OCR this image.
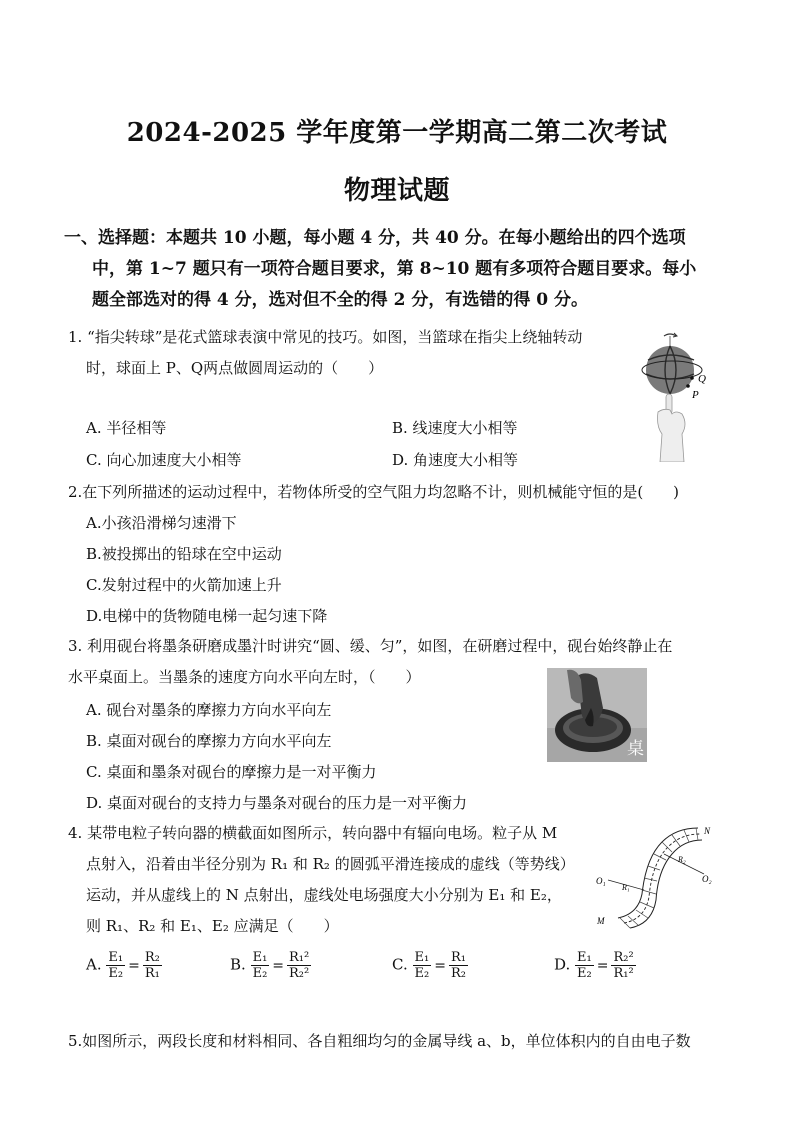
2024-2025 学年度第一学期高二第二次考试
物理试题
一、选择题：本题共 10 小题，每小题 4 分，共 40 分。在每小题给出的四个选项
中，第 1~7 题只有一项符合题目要求，第 8~10 题有多项符合题目要求。每小
题全部选对的得 4 分，选对但不全的得 2 分，有选错的得 0 分。
1. “指尖转球”是花式篮球表演中常见的技巧。如图，当篮球在指尖上绕轴转动
时，球面上 P、Q两点做圆周运动的（　　）
A. 半径相等	B. 线速度大小相等
C. 向心加速度大小相等	D. 角速度大小相等
Q
P
2.在下列所描述的运动过程中，若物体所受的空气阻力均忽略不计，则机械能守恒的是(　　)
A.小孩沿滑梯匀速滑下
B.被投掷出的铅球在空中运动
C.发射过程中的火箭加速上升
D.电梯中的货物随电梯一起匀速下降
3. 利用砚台将墨条研磨成墨汁时讲究“圆、缓、匀”，如图，在研磨过程中，砚台始终静止在
水平桌面上。当墨条的速度方向水平向左时，（　　）
A. 砚台对墨条的摩擦力方向水平向左
B. 桌面对砚台的摩擦力方向水平向左
C. 桌面和墨条对砚台的摩擦力是一对平衡力
D. 桌面对砚台的支持力与墨条对砚台的压力是一对平衡力
桌
4. 某带电粒子转向器的横截面如图所示，转向器中有辐向电场。粒子从 M
点射入，沿着由半径分别为 R₁ 和 R₂ 的圆弧平滑连接成的虚线（等势线）
运动，并从虚线上的 N 点射出，虚线处电场强度大小分别为 E₁ 和 E₂，
则 R₁、R₂ 和 E₁、E₂ 应满足（　　）
A. $\frac{\text{E₁}}{\text{E₂}} = \frac{\text{R₂}}{\text{R₁}}$	B. $\frac{\text{E₁}}{\text{E₂}} = \frac{\text{R₁²}}{\text{R₂²}}$	C. $\frac{\text{E₁}}{\text{E₂}} = \frac{\text{R₁}}{\text{R₂}}$	D. $\frac{\text{E₁}}{\text{E₂}} = \frac{\text{R₂²}}{\text{R₁²}}$
N
M
O₁	O₂
R₁
R₂
5.如图所示，两段长度和材料相同、各自粗细均匀的金属导线 a、b，单位体积内的自由电子数
